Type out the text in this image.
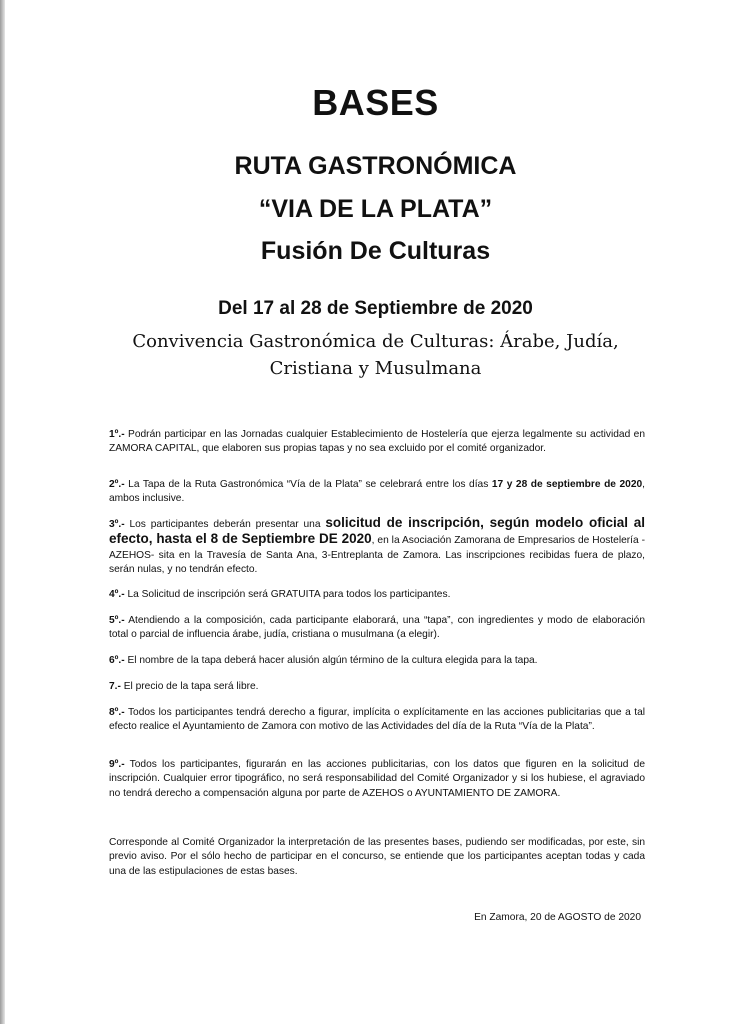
BASES
RUTA GASTRONÓMICA
“VIA DE LA PLATA”
Fusión De Culturas
Del 17 al 28 de Septiembre de 2020
Convivencia Gastronómica de Culturas: Árabe, Judía,
Cristiana y Musulmana
1º.- Podrán participar en las Jornadas cualquier Establecimiento de Hostelería que ejerza legalmente su actividad en ZAMORA CAPITAL, que elaboren sus propias tapas y no sea excluido por el comité organizador.
2º.- La Tapa de la Ruta Gastronómica “Vía de la Plata” se celebrará entre los días 17 y 28 de septiembre de 2020, ambos inclusive.
3º.- Los participantes deberán presentar una solicitud de inscripción, según modelo oficial al efecto, hasta el 8 de Septiembre DE 2020, en la Asociación Zamorana de Empresarios de Hostelería -AZEHOS- sita en la Travesía de Santa Ana, 3-Entreplanta de Zamora. Las inscripciones recibidas fuera de plazo, serán nulas, y no tendrán efecto.
4º.- La Solicitud de inscripción será GRATUITA para todos los participantes.
5º.- Atendiendo a la composición, cada participante elaborará, una “tapa”, con ingredientes y modo de elaboración total o parcial de influencia árabe, judía, cristiana o musulmana (a elegir).
6º.- El nombre de la tapa deberá hacer alusión algún término de la cultura elegida para la tapa.
7.- El precio de la tapa será libre.
8º.- Todos los participantes tendrá derecho a figurar, implícita o explícitamente en las acciones publicitarias que a tal efecto realice el Ayuntamiento de Zamora con motivo de las Actividades del día de la Ruta “Vía de la Plata”.
9º.- Todos los participantes, figurarán en las acciones publicitarias, con los datos que figuren en la solicitud de inscripción. Cualquier error tipográfico, no será responsabilidad del Comité Organizador y si los hubiese, el agraviado no tendrá derecho a compensación alguna por parte de AZEHOS o AYUNTAMIENTO DE ZAMORA.
Corresponde al Comité Organizador la interpretación de las presentes bases, pudiendo ser modificadas, por este, sin previo aviso. Por el sólo hecho de participar en el concurso, se entiende que los participantes aceptan todas y cada una de las estipulaciones de estas bases.
En Zamora, 20 de AGOSTO de 2020
